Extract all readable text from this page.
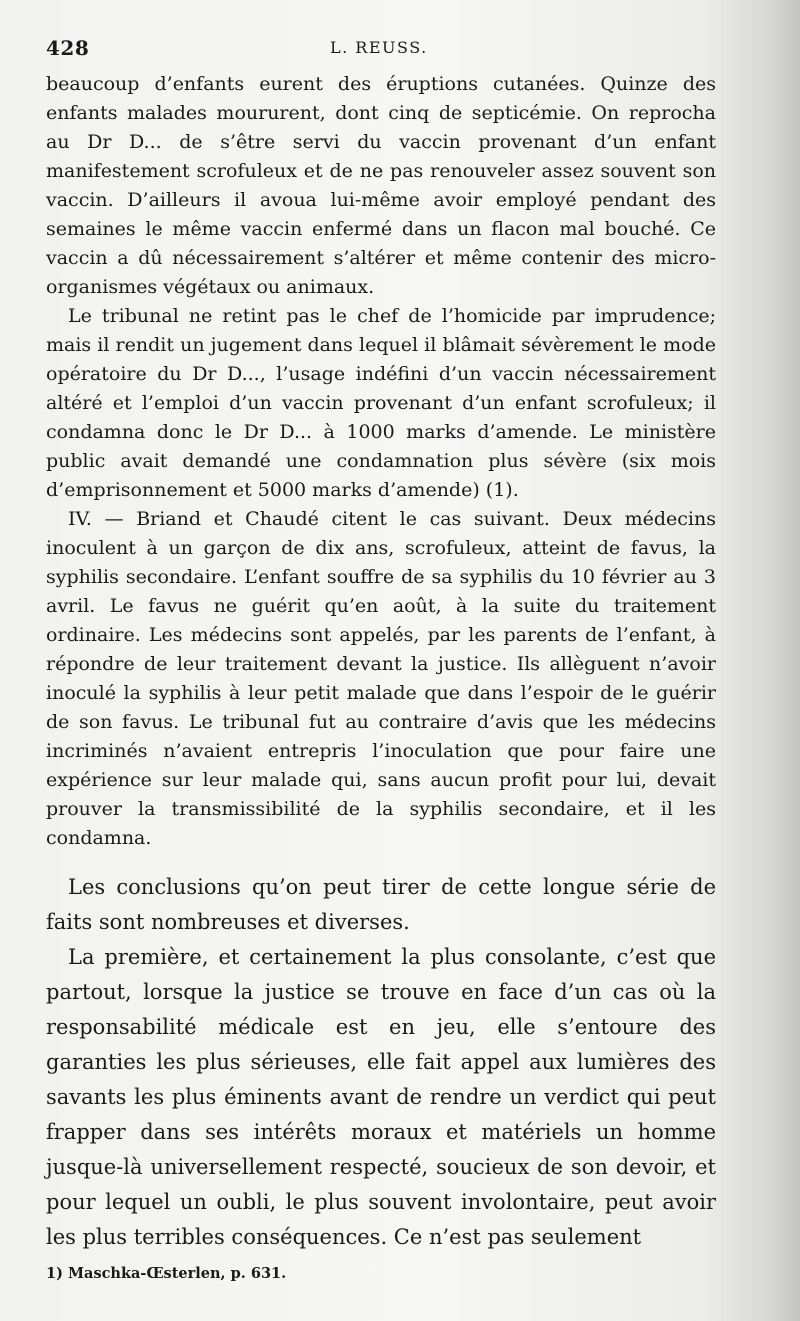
428	L. REUSS.

beaucoup d’enfants eurent des éruptions cutanées. Quinze des enfants malades moururent, dont cinq de septicémie. On reprocha au Dr D... de s’être servi du vaccin provenant d’un enfant manifestement scrofuleux et de ne pas renouveler assez souvent son vaccin. D’ailleurs il avoua lui-même avoir employé pendant des semaines le même vaccin enfermé dans un flacon mal bouché. Ce vaccin a dû nécessairement s’altérer et même contenir des micro-organismes végétaux ou animaux.

Le tribunal ne retint pas le chef de l’homicide par imprudence; mais il rendit un jugement dans lequel il blâmait sévèrement le mode opératoire du Dr D..., l’usage indéfini d’un vaccin nécessairement altéré et l’emploi d’un vaccin provenant d’un enfant scrofuleux; il condamna donc le Dr D... à 1000 marks d’amende. Le ministère public avait demandé une condamnation plus sévère (six mois d’emprisonnement et 5000 marks d’amende) (1).

IV. — Briand et Chaudé citent le cas suivant. Deux médecins inoculent à un garçon de dix ans, scrofuleux, atteint de favus, la syphilis secondaire. L’enfant souffre de sa syphilis du 10 février au 3 avril. Le favus ne guérit qu’en août, à la suite du traitement ordinaire. Les médecins sont appelés, par les parents de l’enfant, à répondre de leur traitement devant la justice. Ils allèguent n’avoir inoculé la syphilis à leur petit malade que dans l’espoir de le guérir de son favus. Le tribunal fut au contraire d’avis que les médecins incriminés n’avaient entrepris l’inoculation que pour faire une expérience sur leur malade qui, sans aucun profit pour lui, devait prouver la transmissibilité de la syphilis secondaire, et il les condamna.

Les conclusions qu’on peut tirer de cette longue série de faits sont nombreuses et diverses.

La première, et certainement la plus consolante, c’est que partout, lorsque la justice se trouve en face d’un cas où la responsabilité médicale est en jeu, elle s’entoure des garanties les plus sérieuses, elle fait appel aux lumières des savants les plus éminents avant de rendre un verdict qui peut frapper dans ses intérêts moraux et matériels un homme jusque-là universellement respecté, soucieux de son devoir, et pour lequel un oubli, le plus souvent involontaire, peut avoir les plus terribles conséquences. Ce n’est pas seulement

1) Maschka-Œsterlen, p. 631.
